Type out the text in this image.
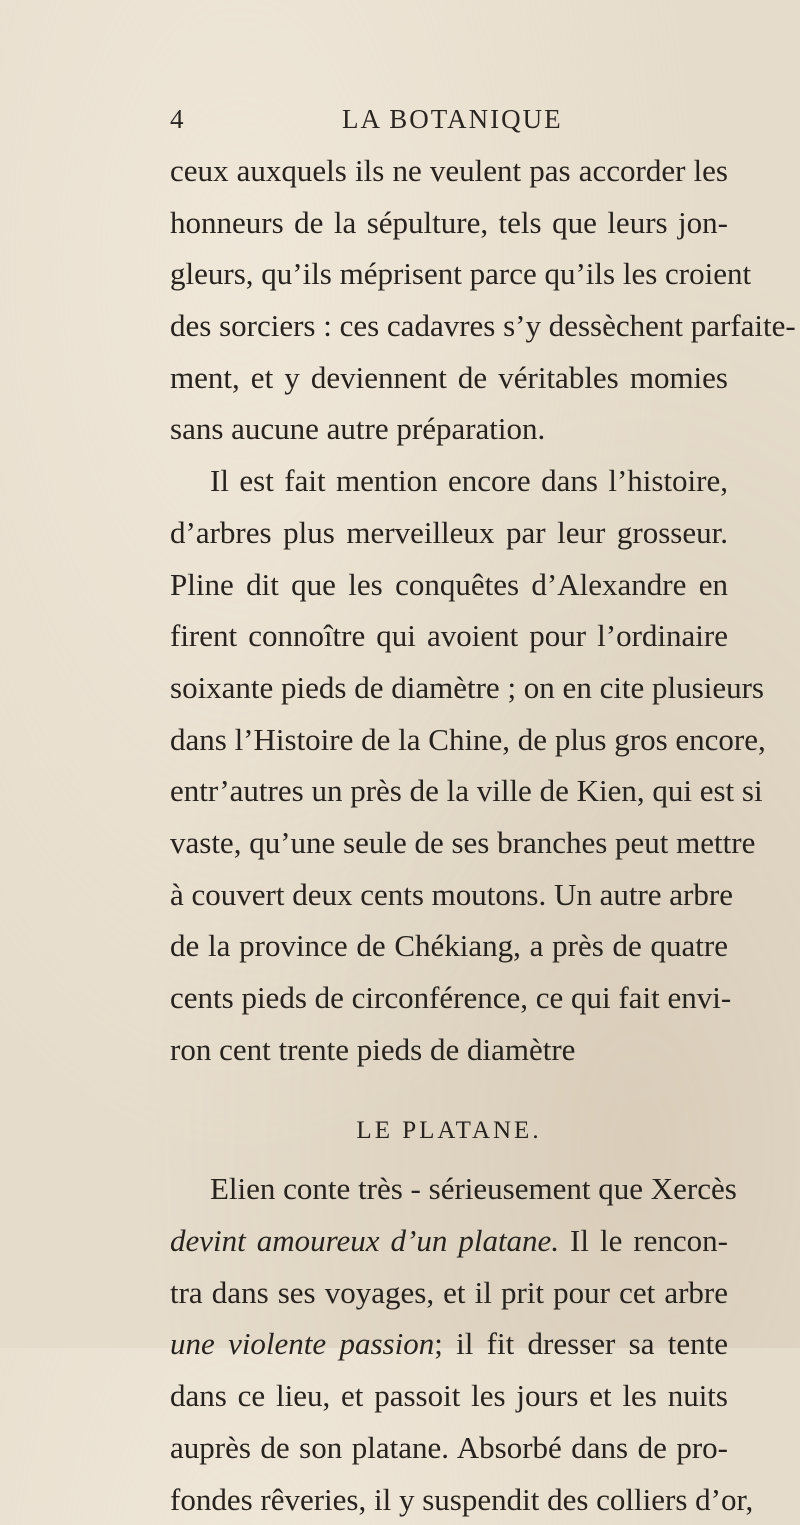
4	LA BOTANIQUE
ceux auxquels ils ne veulent pas accorder les
honneurs de la sépulture, tels que leurs jon-
gleurs, qu’ils méprisent parce qu’ils les croient
des sorciers : ces cadavres s’y dessèchent parfaite-
ment, et y deviennent de véritables momies
sans aucune autre préparation.
Il est fait mention encore dans l’histoire,
d’arbres plus merveilleux par leur grosseur.
Pline dit que les conquêtes d’Alexandre en
firent connoître qui avoient pour l’ordinaire
soixante pieds de diamètre ; on en cite plusieurs
dans l’Histoire de la Chine, de plus gros encore,
entr’autres un près de la ville de Kien, qui est si
vaste, qu’une seule de ses branches peut mettre
à couvert deux cents moutons. Un autre arbre
de la province de Chékiang, a près de quatre
cents pieds de circonférence, ce qui fait envi-
ron cent trente pieds de diamètre
LE PLATANE.
Elien conte très - sérieusement que Xercès
devint amoureux d’un platane. Il le rencon-
tra dans ses voyages, et il prit pour cet arbre
une violente passion; il fit dresser sa tente
dans ce lieu, et passoit les jours et les nuits
auprès de son platane. Absorbé dans de pro-
fondes rêveries, il y suspendit des colliers d’or,
